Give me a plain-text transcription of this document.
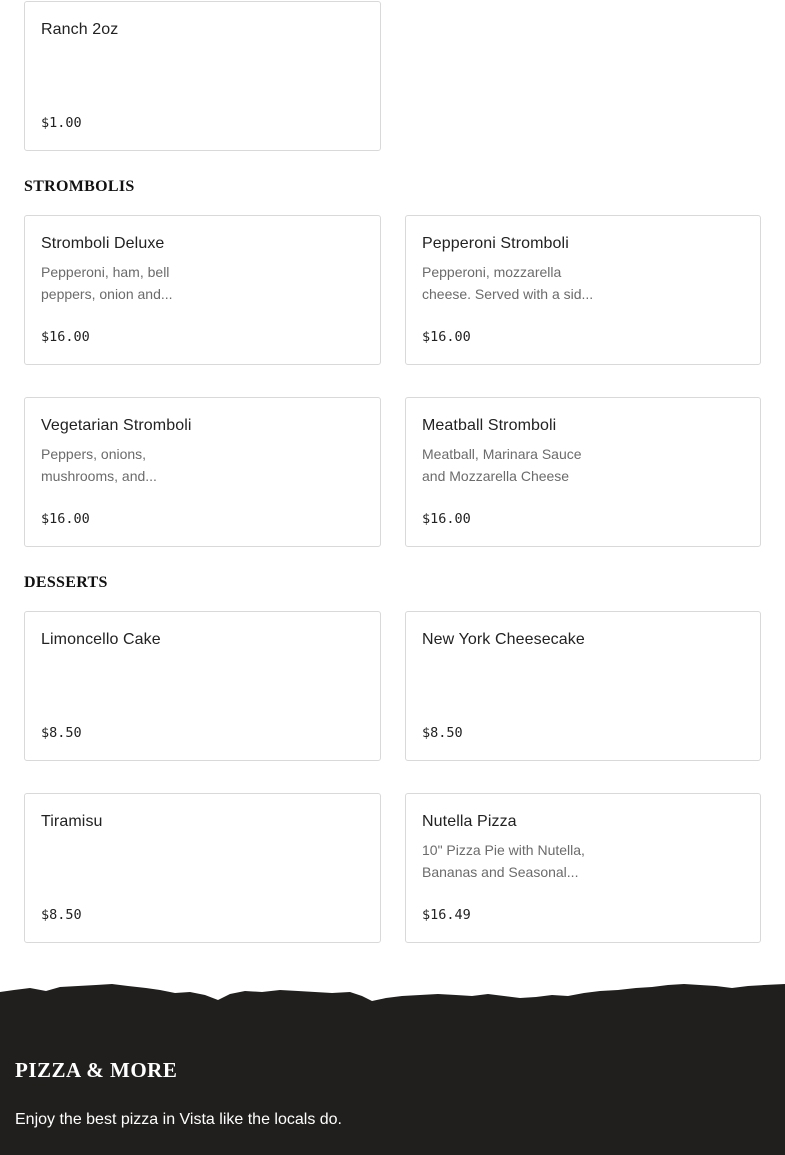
Ranch 2oz
$1.00
STROMBOLIS
Stromboli Deluxe
Pepperoni, ham, bell peppers, onion and...
$16.00
Pepperoni Stromboli
Pepperoni, mozzarella cheese. Served with a sid...
$16.00
Vegetarian Stromboli
Peppers, onions, mushrooms, and...
$16.00
Meatball Stromboli
Meatball, Marinara Sauce and Mozzarella Cheese
$16.00
DESSERTS
Limoncello Cake
$8.50
New York Cheesecake
$8.50
Tiramisu
$8.50
Nutella Pizza
10" Pizza Pie with Nutella, Bananas and Seasonal...
$16.49
PIZZA & MORE
Enjoy the best pizza in Vista like the locals do.
